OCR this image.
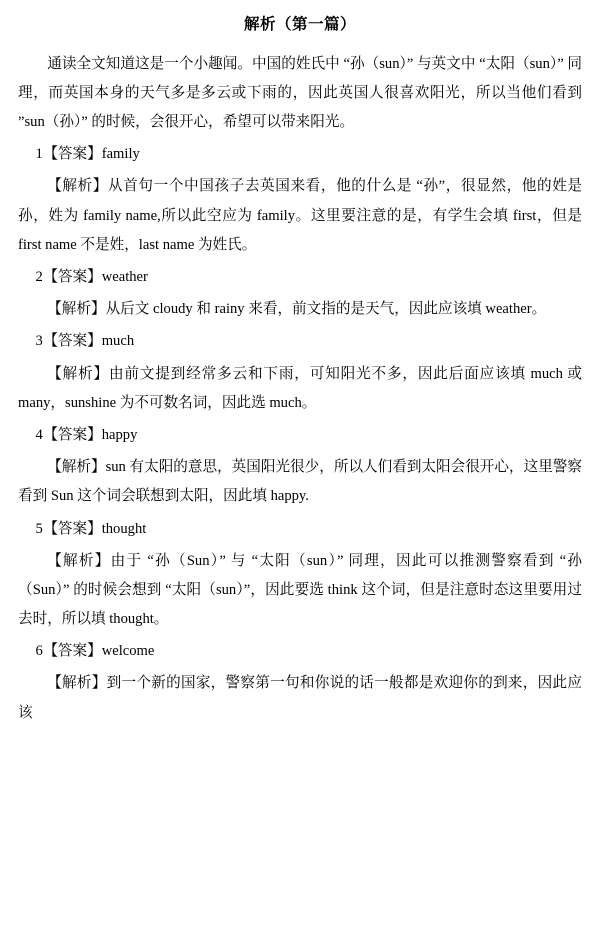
解析（第一篇）

通读全文知道这是一个小趣闻。中国的姓氏中 “孙（sun）” 与英文中 “太阳（sun）” 同理，而英国本身的天气多是多云或下雨的，因此英国人很喜欢阳光，所以当他们看到 ”sun（孙）” 的时候，会很开心，希望可以带来阳光。

1【答案】family

【解析】从首句一个中国孩子去英国来看，他的什么是 “孙”，很显然，他的姓是孙，姓为 family name,所以此空应为 family。这里要注意的是，有学生会填 first，但是 first name 不是姓，last name 为姓氏。

2【答案】weather

【解析】从后文 cloudy 和 rainy 来看，前文指的是天气，因此应该填 weather。

3【答案】much

【解析】由前文提到经常多云和下雨，可知阳光不多，因此后面应该填 much 或 many，sunshine 为不可数名词，因此选 much。

4【答案】happy

【解析】sun 有太阳的意思，英国阳光很少，所以人们看到太阳会很开心，这里警察看到 Sun 这个词会联想到太阳，因此填 happy.

5【答案】thought

【解析】由于 “孙（Sun）” 与 “太阳（sun）” 同理，因此可以推测警察看到 “孙（Sun）” 的时候会想到 “太阳（sun）”，因此要选 think 这个词，但是注意时态这里要用过去时，所以填 thought。

6【答案】welcome

【解析】到一个新的国家，警察第一句和你说的话一般都是欢迎你的到来，因此应该
